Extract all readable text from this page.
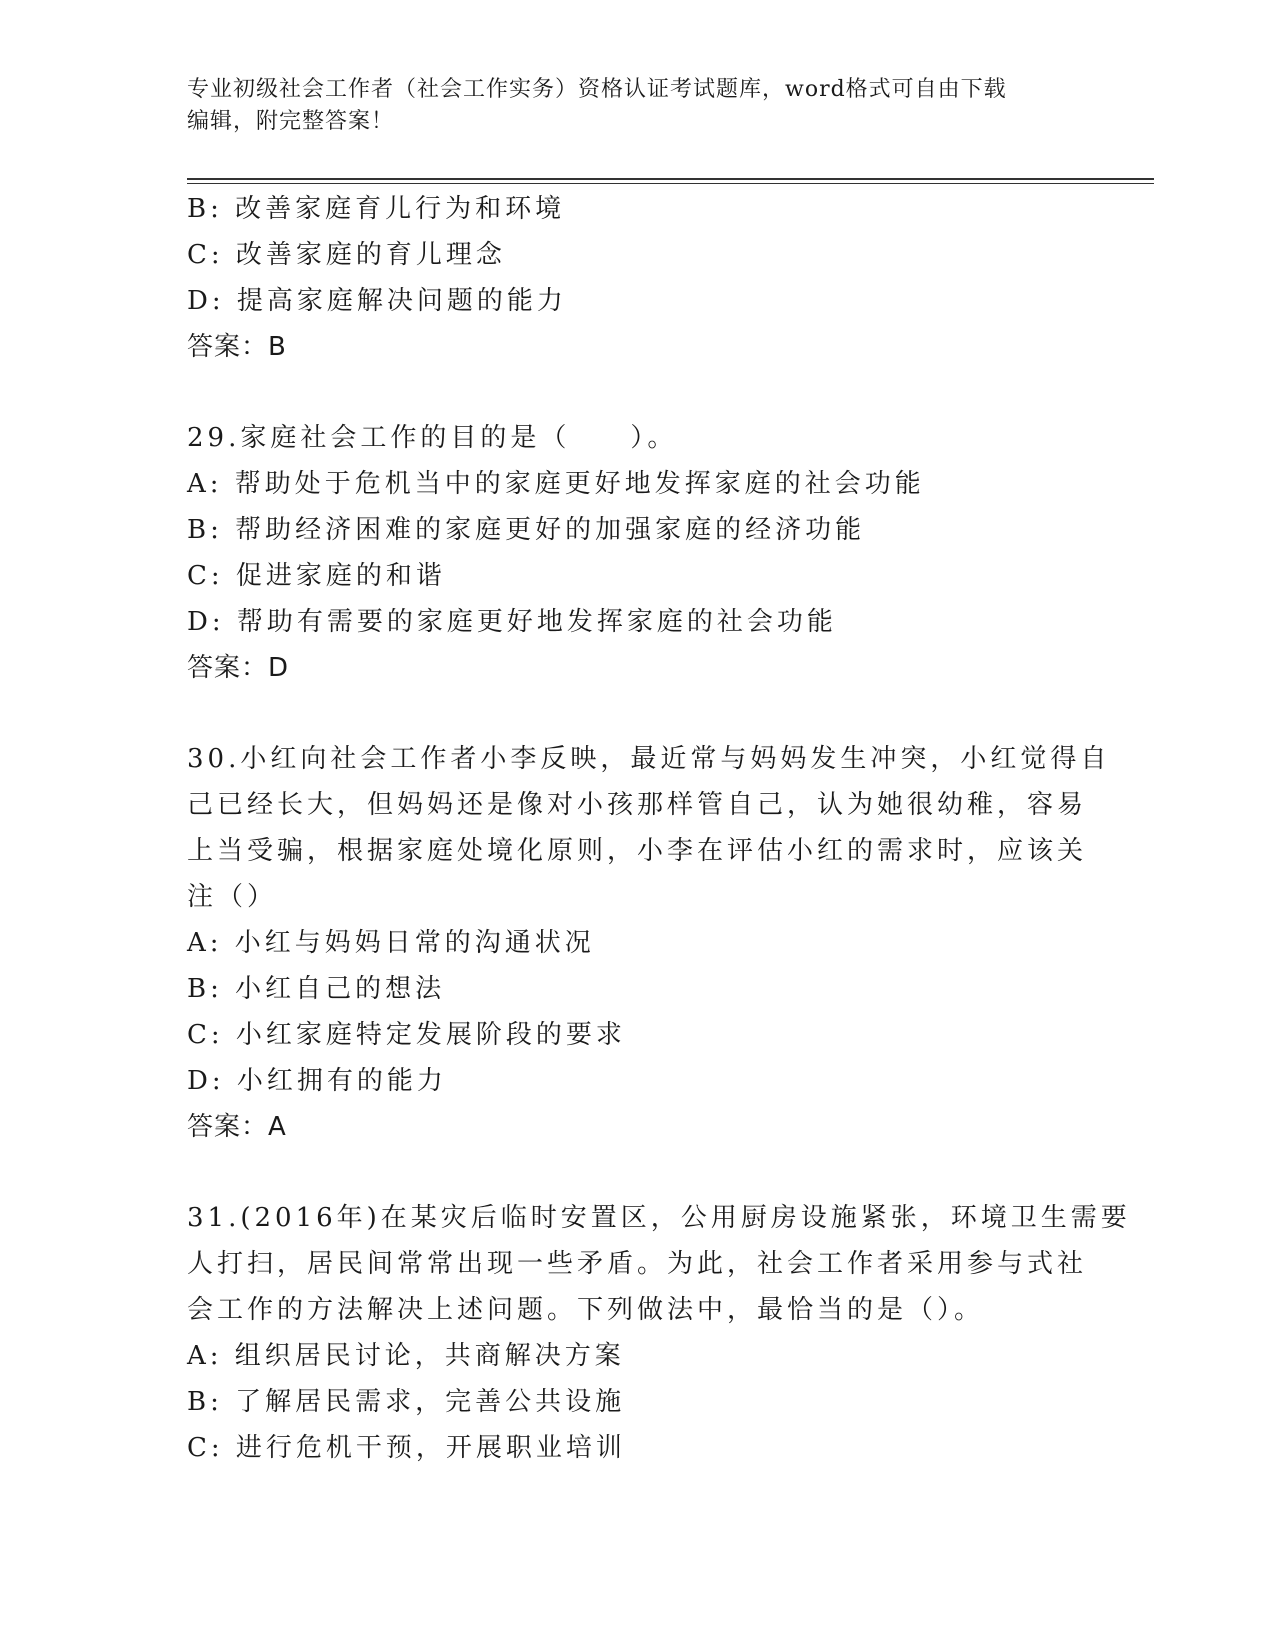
专业初级社会工作者（社会工作实务）资格认证考试题库，word格式可自由下载
编辑，附完整答案！
B: 改善家庭育儿行为和环境
C: 改善家庭的育儿理念
D: 提高家庭解决问题的能力
答案：B
29.家庭社会工作的目的是（　　）。
A: 帮助处于危机当中的家庭更好地发挥家庭的社会功能
B: 帮助经济困难的家庭更好的加强家庭的经济功能
C: 促进家庭的和谐
D: 帮助有需要的家庭更好地发挥家庭的社会功能
答案：D
30.小红向社会工作者小李反映，最近常与妈妈发生冲突，小红觉得自
己已经长大，但妈妈还是像对小孩那样管自己，认为她很幼稚，容易
上当受骗，根据家庭处境化原则，小李在评估小红的需求时，应该关
注（）
A: 小红与妈妈日常的沟通状况
B: 小红自己的想法
C: 小红家庭特定发展阶段的要求
D: 小红拥有的能力
答案：A
31.(2016年)在某灾后临时安置区，公用厨房设施紧张，环境卫生需要
人打扫，居民间常常出现一些矛盾。为此，社会工作者采用参与式社
会工作的方法解决上述问题。下列做法中，最恰当的是（）。
A: 组织居民讨论，共商解决方案
B: 了解居民需求，完善公共设施
C: 进行危机干预，开展职业培训
